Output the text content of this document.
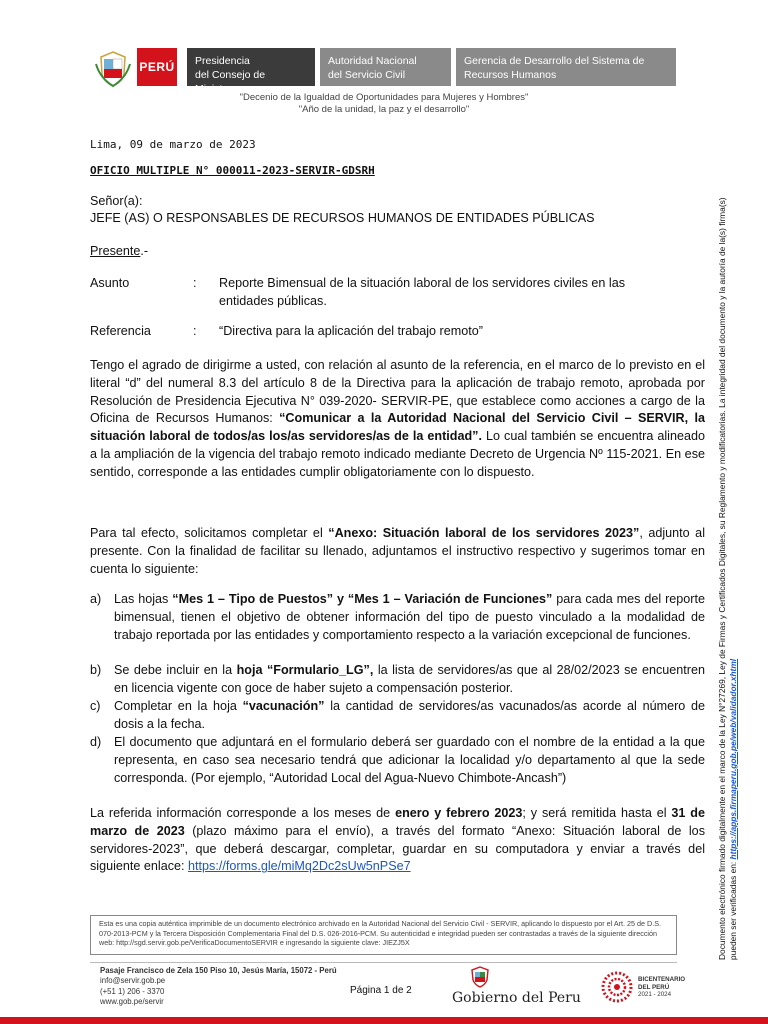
PERÚ Presidencia
del Consejo de Ministros
Autoridad Nacional
del Servicio Civil
Gerencia de Desarrollo del Sistema de
Recursos Humanos
"Decenio de la Igualdad de Oportunidades para Mujeres y Hombres"
"Año de la unidad, la paz y el desarrollo"
Lima, 09 de marzo de 2023
OFICIO MULTIPLE N° 000011-2023-SERVIR-GDSRH
Señor(a):
JEFE (AS) O RESPONSABLES DE RECURSOS HUMANOS DE ENTIDADES PÚBLICAS
Presente.-
Asunto	: Reporte Bimensual de la situación laboral de los servidores civiles en las
entidades públicas.
Referencia	: “Directiva para la aplicación del trabajo remoto”
Tengo el agrado de dirigirme a usted, con relación al asunto de la referencia, en el marco de lo previsto en el literal “d” del numeral 8.3 del artículo 8 de la Directiva para la aplicación de trabajo remoto, aprobada por Resolución de Presidencia Ejecutiva N° 039-2020- SERVIR-PE, que establece como acciones a cargo de la Oficina de Recursos Humanos: “Comunicar a la Autoridad Nacional del Servicio Civil – SERVIR, la situación laboral de todos/as los/as servidores/as de la entidad”. Lo cual también se encuentra alineado a la ampliación de la vigencia del trabajo remoto indicado mediante Decreto de Urgencia Nº 115-2021. En ese sentido, corresponde a las entidades cumplir obligatoriamente con lo dispuesto.
Para tal efecto, solicitamos completar el “Anexo: Situación laboral de los servidores 2023”, adjunto al presente. Con la finalidad de facilitar su llenado, adjuntamos el instructivo respectivo y sugerimos tomar en cuenta lo siguiente:
a) Las hojas “Mes 1 – Tipo de Puestos” y “Mes 1 – Variación de Funciones” para cada mes del reporte bimensual, tienen el objetivo de obtener información del tipo de puesto vinculado a la modalidad de trabajo reportada por las entidades y comportamiento respecto a la variación excepcional de funciones.
b) Se debe incluir en la hoja “Formulario_LG”, la lista de servidores/as que al 28/02/2023 se encuentren en licencia vigente con goce de haber sujeto a compensación posterior.
c) Completar en la hoja “vacunación” la cantidad de servidores/as vacunados/as acorde al número de dosis a la fecha.
d) El documento que adjuntará en el formulario deberá ser guardado con el nombre de la entidad a la que representa, en caso sea necesario tendrá que adicionar la localidad y/o departamento al que la sede corresponda. (Por ejemplo, “Autoridad Local del Agua-Nuevo Chimbote-Ancash”)
La referida información corresponde a los meses de enero y febrero 2023; y será remitida hasta el 31 de marzo de 2023 (plazo máximo para el envío), a través del formato “Anexo: Situación laboral de los servidores-2023”, que deberá descargar, completar, guardar en su computadora y enviar a través del siguiente enlace: https://forms.gle/miMq2Dc2sUw5nPSe7
Esta es una copia auténtica imprimible de un documento electrónico archivado en la Autoridad Nacional del Servicio Civil - SERVIR, aplicando lo dispuesto por el Art. 25 de D.S. 070-2013-PCM y la Tercera Disposición Complementaria Final del D.S. 026-2016-PCM. Su autenticidad e integridad pueden ser contrastadas a través de la siguiente dirección web: http://sgd.servir.gob.pe/VerificaDocumentoSERVIR e ingresando la siguiente clave: JIEZJ5X
Pasaje Francisco de Zela 150 Piso 10, Jesús María, 15072 - Perú
info@servir.gob.pe
(+51 1) 206 - 3370
www.gob.pe/servir
Página 1 de 2	Gobierno del Peru
BICENTENARIO
DEL PERÚ
2021 - 2024
Documento electrónico firmado digitalmente en el marco de la Ley N°27269, Ley de Firmas y Certificados Digitales, su Reglamento y modificatorias. La integridad del documento y la autoría de la(s) firma(s) pueden ser verificadas en: https://apps.firmaperu.gob.pe/web/validador.xhtml
